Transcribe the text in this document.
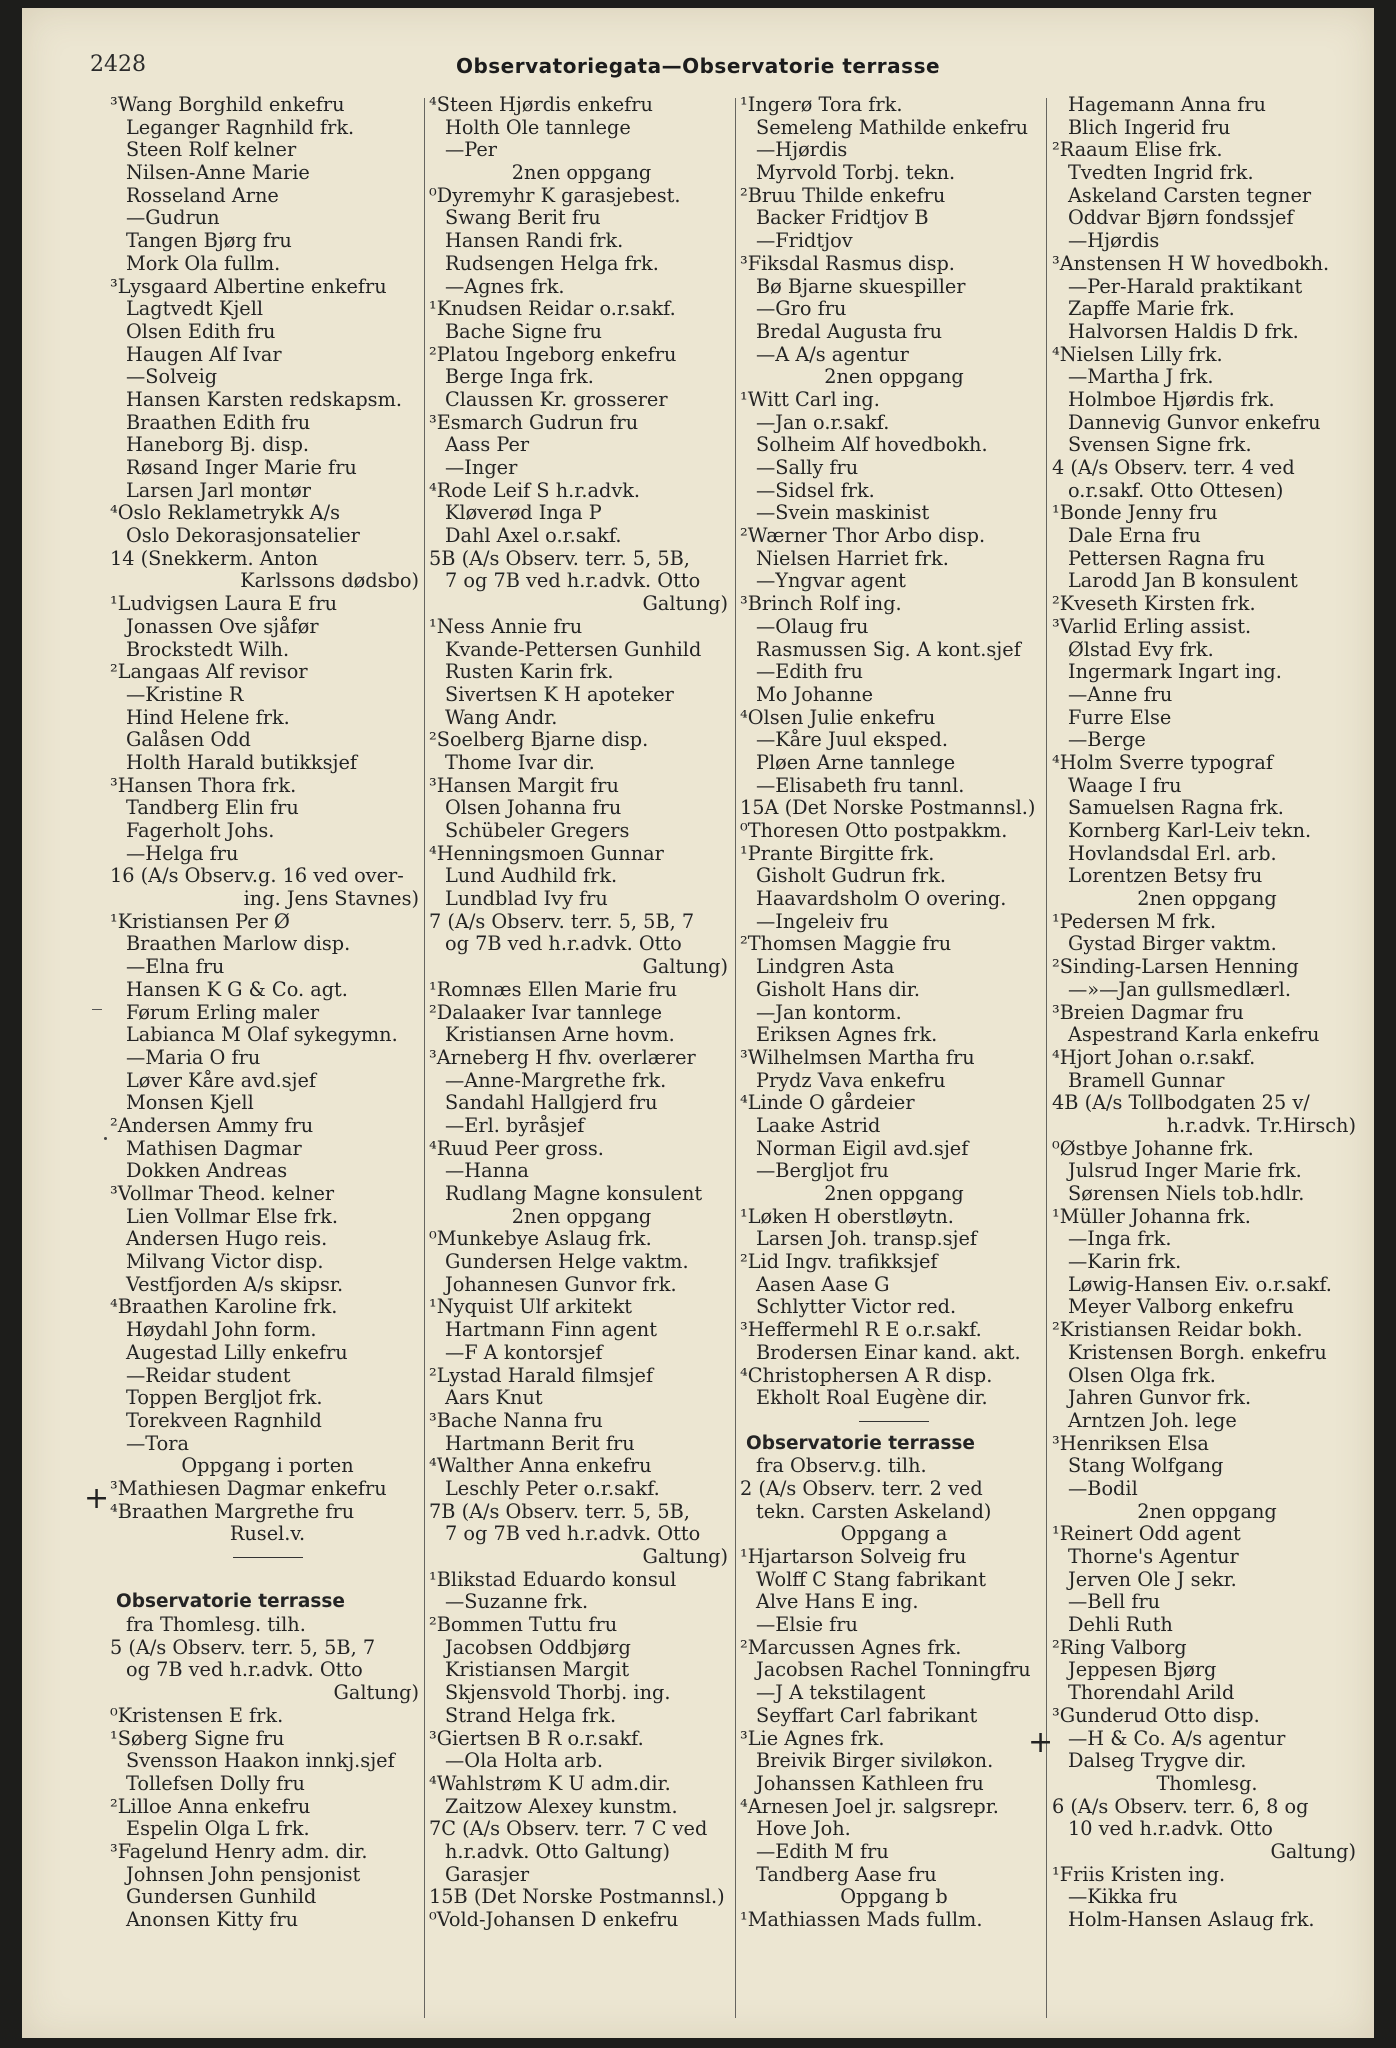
2428	Observatoriegata—Observatorie terrasse
³Wang Borghild enkefru
Leganger Ragnhild frk.
Steen Rolf kelner
Nilsen-Anne Marie
Rosseland Arne
—Gudrun
Tangen Bjørg fru
Mork Ola fullm.
³Lysgaard Albertine enkefru
Lagtvedt Kjell
Olsen Edith fru
Haugen Alf Ivar
—Solveig
Hansen Karsten redskapsm.
Braathen Edith fru
Haneborg Bj. disp.
Røsand Inger Marie fru
Larsen Jarl montør
⁴Oslo Reklametrykk A/s
Oslo Dekorasjonsatelier
14 (Snekkerm. Anton
Karlssons dødsbo)
¹Ludvigsen Laura E fru
Jonassen Ove sjåfør
Brockstedt Wilh.
²Langaas Alf revisor
—Kristine R
Hind Helene frk.
Galåsen Odd
Holth Harald butikksjef
³Hansen Thora frk.
Tandberg Elin fru
Fagerholt Johs.
—Helga fru
16 (A/s Observ.g. 16 ved over-
ing. Jens Stavnes)
¹Kristiansen Per Ø
Braathen Marlow disp.
—Elna fru
Hansen K G & Co. agt.
Førum Erling maler
Labianca M Olaf sykegymn.
—Maria O fru
Løver Kåre avd.sjef
Monsen Kjell
²Andersen Ammy fru
Mathisen Dagmar
Dokken Andreas
³Vollmar Theod. kelner
Lien Vollmar Else frk.
Andersen Hugo reis.
Milvang Victor disp.
Vestfjorden A/s skipsr.
⁴Braathen Karoline frk.
Høydahl John form.
Augestad Lilly enkefru
—Reidar student
Toppen Bergljot frk.
Torekveen Ragnhild
—Tora
Oppgang i porten
³Mathiesen Dagmar enkefru
⁴Braathen Margrethe fru
Rusel.v.
Observatorie terrasse
fra Thomlesg. tilh.
5 (A/s Observ. terr. 5, 5B, 7
og 7B ved h.r.advk. Otto
Galtung)
⁰Kristensen E frk.
¹Søberg Signe fru
Svensson Haakon innkj.sjef
Tollefsen Dolly fru
²Lilloe Anna enkefru
Espelin Olga L frk.
³Fagelund Henry adm. dir.
Johnsen John pensjonist
Gundersen Gunhild
Anonsen Kitty fru
⁴Steen Hjørdis enkefru
Holth Ole tannlege
—Per
2nen oppgang
⁰Dyremyhr K garasjebest.
Swang Berit fru
Hansen Randi frk.
Rudsengen Helga frk.
—Agnes frk.
¹Knudsen Reidar o.r.sakf.
Bache Signe fru
²Platou Ingeborg enkefru
Berge Inga frk.
Claussen Kr. grosserer
³Esmarch Gudrun fru
Aass Per
—Inger
⁴Rode Leif S h.r.advk.
Kløverød Inga P
Dahl Axel o.r.sakf.
5B (A/s Observ. terr. 5, 5B,
7 og 7B ved h.r.advk. Otto
Galtung)
¹Ness Annie fru
Kvande-Pettersen Gunhild
Rusten Karin frk.
Sivertsen K H apoteker
Wang Andr.
²Soelberg Bjarne disp.
Thome Ivar dir.
³Hansen Margit fru
Olsen Johanna fru
Schübeler Gregers
⁴Henningsmoen Gunnar
Lund Audhild frk.
Lundblad Ivy fru
7 (A/s Observ. terr. 5, 5B, 7
og 7B ved h.r.advk. Otto
Galtung)
¹Romnæs Ellen Marie fru
²Dalaaker Ivar tannlege
Kristiansen Arne hovm.
³Arneberg H fhv. overlærer
—Anne-Margrethe frk.
Sandahl Hallgjerd fru
—Erl. byråsjef
⁴Ruud Peer gross.
—Hanna
Rudlang Magne konsulent
2nen oppgang
⁰Munkebye Aslaug frk.
Gundersen Helge vaktm.
Johannesen Gunvor frk.
¹Nyquist Ulf arkitekt
Hartmann Finn agent
—F A kontorsjef
²Lystad Harald filmsjef
Aars Knut
³Bache Nanna fru
Hartmann Berit fru
⁴Walther Anna enkefru
Leschly Peter o.r.sakf.
7B (A/s Observ. terr. 5, 5B,
7 og 7B ved h.r.advk. Otto
Galtung)
¹Blikstad Eduardo konsul
—Suzanne frk.
²Bommen Tuttu fru
Jacobsen Oddbjørg
Kristiansen Margit
Skjensvold Thorbj. ing.
Strand Helga frk.
³Giertsen B R o.r.sakf.
—Ola Holta arb.
⁴Wahlstrøm K U adm.dir.
Zaitzow Alexey kunstm.
7C (A/s Observ. terr. 7 C ved
h.r.advk. Otto Galtung)
Garasjer
15B (Det Norske Postmannsl.)
⁰Vold-Johansen D enkefru
¹Ingerø Tora frk.
Semeleng Mathilde enkefru
—Hjørdis
Myrvold Torbj. tekn.
²Bruu Thilde enkefru
Backer Fridtjov B
—Fridtjov
³Fiksdal Rasmus disp.
Bø Bjarne skuespiller
—Gro fru
Bredal Augusta fru
—A A/s agentur
2nen oppgang
¹Witt Carl ing.
—Jan o.r.sakf.
Solheim Alf hovedbokh.
—Sally fru
—Sidsel frk.
—Svein maskinist
²Wærner Thor Arbo disp.
Nielsen Harriet frk.
—Yngvar agent
³Brinch Rolf ing.
—Olaug fru
Rasmussen Sig. A kont.sjef
—Edith fru
Mo Johanne
⁴Olsen Julie enkefru
—Kåre Juul eksped.
Pløen Arne tannlege
—Elisabeth fru tannl.
15A (Det Norske Postmannsl.)
⁰Thoresen Otto postpakkm.
¹Prante Birgitte frk.
Gisholt Gudrun frk.
Haavardsholm O overing.
—Ingeleiv fru
²Thomsen Maggie fru
Lindgren Asta
Gisholt Hans dir.
—Jan kontorm.
Eriksen Agnes frk.
³Wilhelmsen Martha fru
Prydz Vava enkefru
⁴Linde O gårdeier
Laake Astrid
Norman Eigil avd.sjef
—Bergljot fru
2nen oppgang
¹Løken H oberstløytn.
Larsen Joh. transp.sjef
²Lid Ingv. trafikksjef
Aasen Aase G
Schlytter Victor red.
³Heffermehl R E o.r.sakf.
Brodersen Einar kand. akt.
⁴Christophersen A R disp.
Ekholt Roal Eugène dir.
Observatorie terrasse
fra Observ.g. tilh.
2 (A/s Observ. terr. 2 ved
tekn. Carsten Askeland)
Oppgang a
¹Hjartarson Solveig fru
Wolff C Stang fabrikant
Alve Hans E ing.
—Elsie fru
²Marcussen Agnes frk.
Jacobsen Rachel Tonningfru
—J A tekstilagent
Seyffart Carl fabrikant
³Lie Agnes frk.
Breivik Birger siviløkon.
Johanssen Kathleen fru
⁴Arnesen Joel jr. salgsrepr.
Hove Joh.
—Edith M fru
Tandberg Aase fru
Oppgang b
¹Mathiassen Mads fullm.
Hagemann Anna fru
Blich Ingerid fru
²Raaum Elise frk.
Tvedten Ingrid frk.
Askeland Carsten tegner
Oddvar Bjørn fondssjef
—Hjørdis
³Anstensen H W hovedbokh.
—Per-Harald praktikant
Zapffe Marie frk.
Halvorsen Haldis D frk.
⁴Nielsen Lilly frk.
—Martha J frk.
Holmboe Hjørdis frk.
Dannevig Gunvor enkefru
Svensen Signe frk.
4 (A/s Observ. terr. 4 ved
o.r.sakf. Otto Ottesen)
¹Bonde Jenny fru
Dale Erna fru
Pettersen Ragna fru
Larodd Jan B konsulent
²Kveseth Kirsten frk.
³Varlid Erling assist.
Ølstad Evy frk.
Ingermark Ingart ing.
—Anne fru
Furre Else
—Berge
⁴Holm Sverre typograf
Waage I fru
Samuelsen Ragna frk.
Kornberg Karl-Leiv tekn.
Hovlandsdal Erl. arb.
Lorentzen Betsy fru
2nen oppgang
¹Pedersen M frk.
Gystad Birger vaktm.
²Sinding-Larsen Henning
—»—Jan gullsmedlærl.
³Breien Dagmar fru
Aspestrand Karla enkefru
⁴Hjort Johan o.r.sakf.
Bramell Gunnar
4B (A/s Tollbodgaten 25 v/
h.r.advk. Tr.Hirsch)
⁰Østbye Johanne frk.
Julsrud Inger Marie frk.
Sørensen Niels tob.hdlr.
¹Müller Johanna frk.
—Inga frk.
—Karin frk.
Løwig-Hansen Eiv. o.r.sakf.
Meyer Valborg enkefru
²Kristiansen Reidar bokh.
Kristensen Borgh. enkefru
Olsen Olga frk.
Jahren Gunvor frk.
Arntzen Joh. lege
³Henriksen Elsa
Stang Wolfgang
—Bodil
2nen oppgang
¹Reinert Odd agent
Thorne's Agentur
Jerven Ole J sekr.
—Bell fru
Dehli Ruth
²Ring Valborg
Jeppesen Bjørg
Thorendahl Arild
³Gunderud Otto disp.
—H & Co. A/s agentur
Dalseg Trygve dir.
Thomlesg.
6 (A/s Observ. terr. 6, 8 og
10 ved h.r.advk. Otto
Galtung)
¹Friis Kristen ing.
—Kikka fru
Holm-Hansen Aslaug frk.
+
+
